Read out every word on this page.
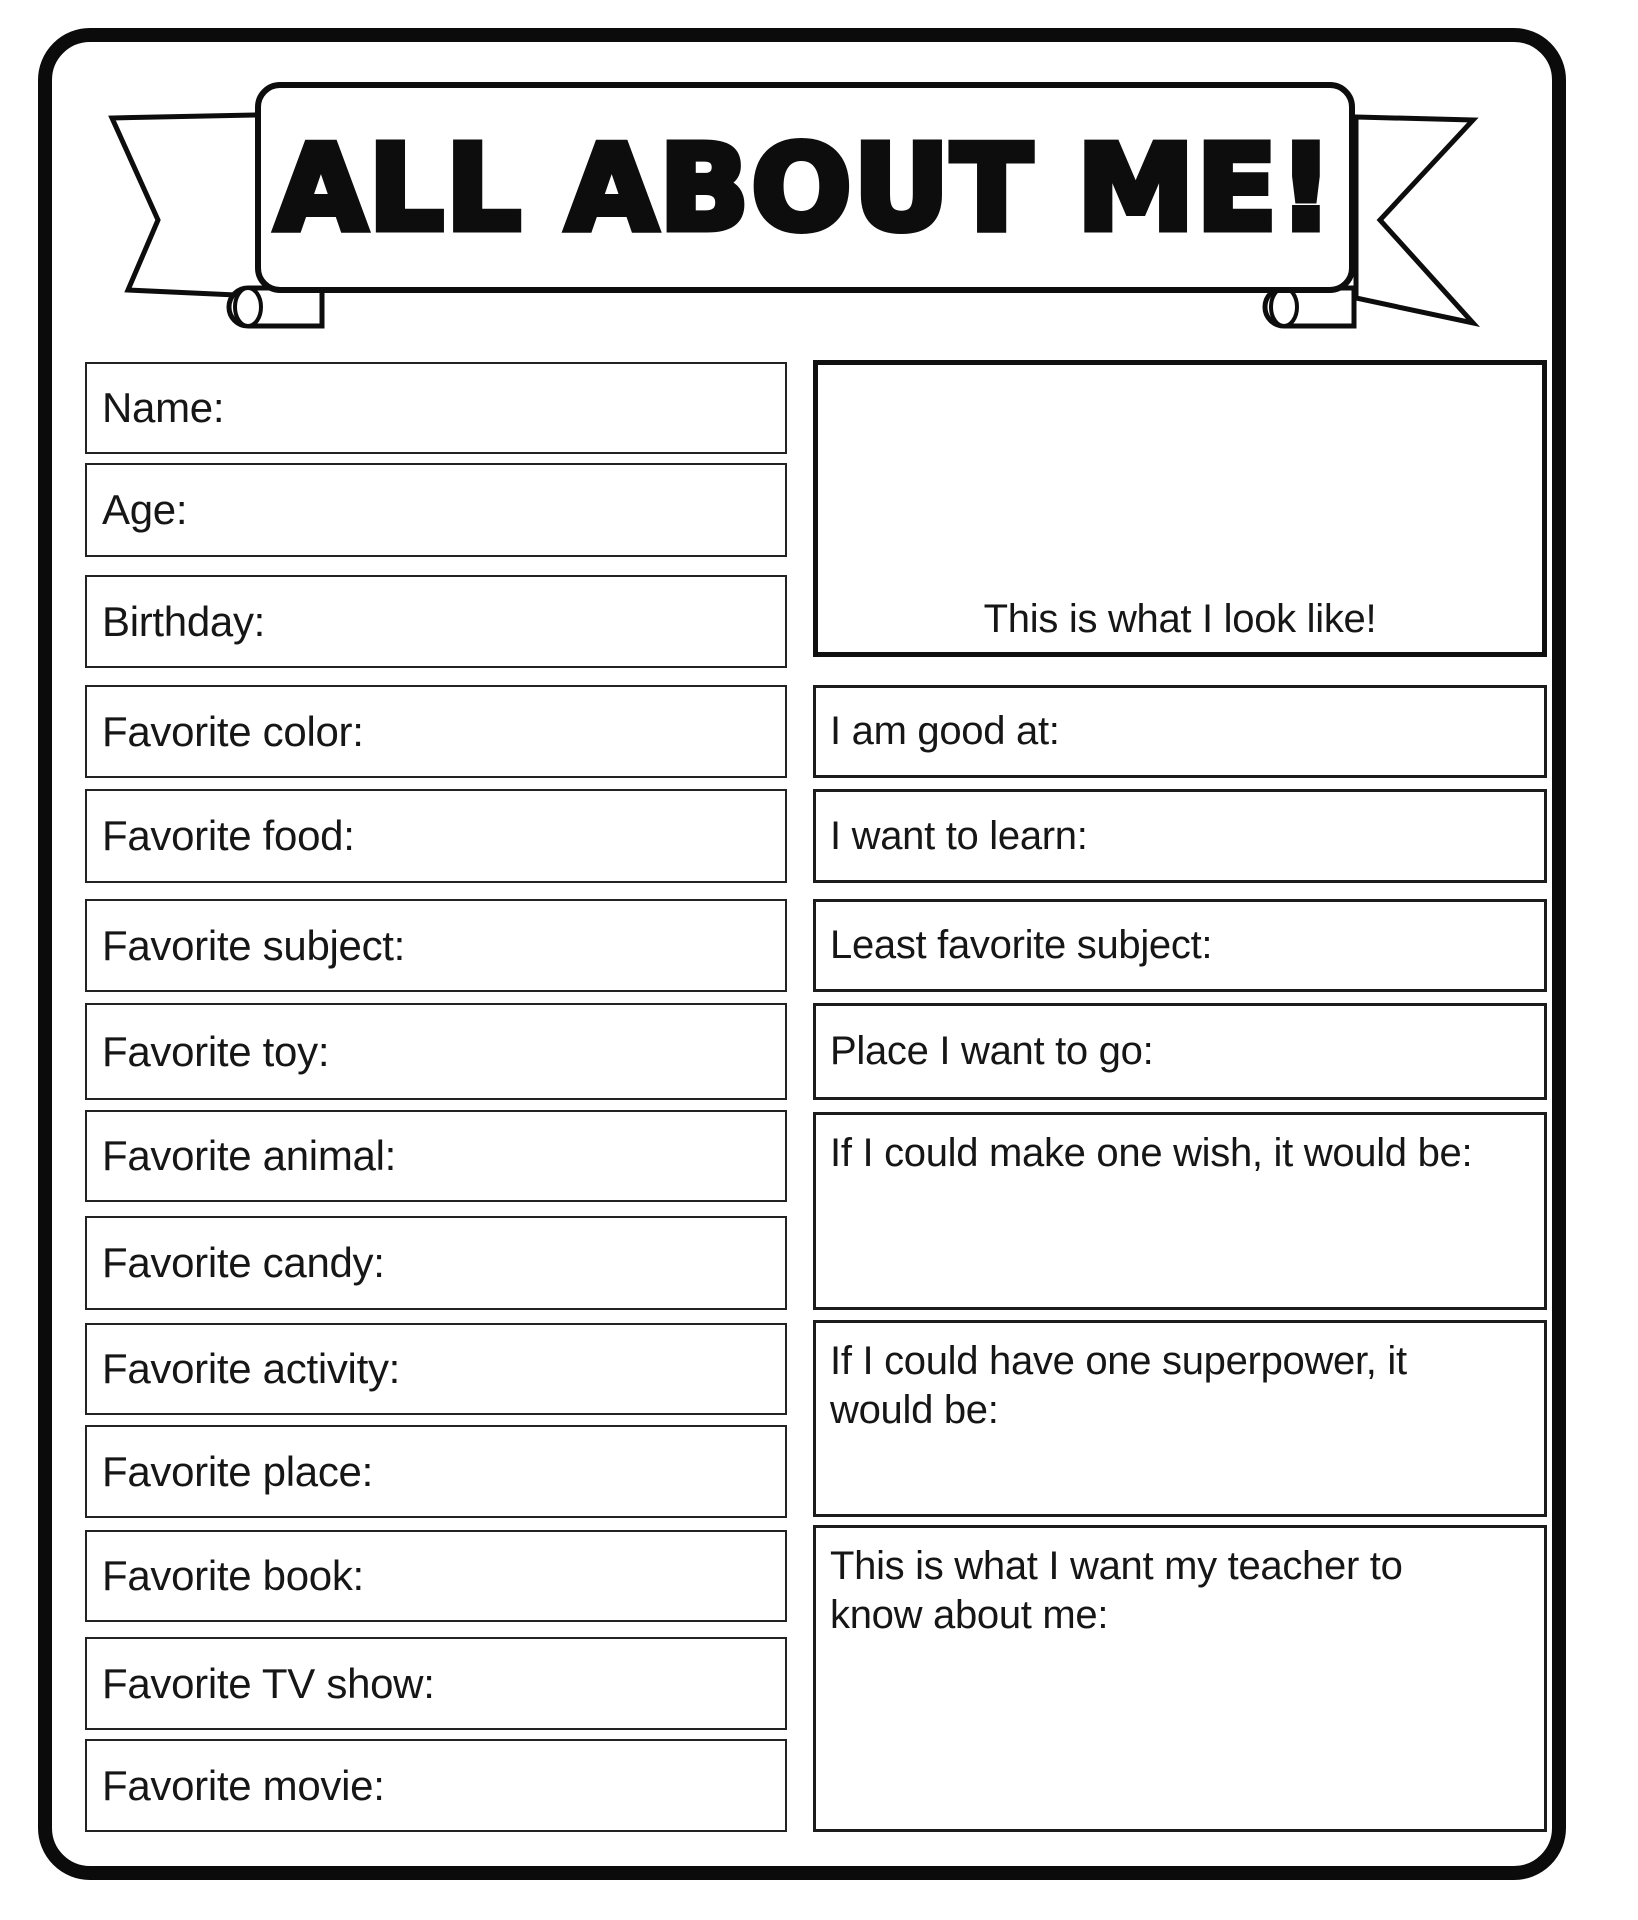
ALL ABOUT ME!
Name:
Age:
Birthday:
Favorite color:
Favorite food:
Favorite subject:
Favorite toy:
Favorite animal:
Favorite candy:
Favorite activity:
Favorite place:
Favorite book:
Favorite TV show:
Favorite movie:
This is what I look like!
I am good at:
I want to learn:
Least favorite subject:
Place I want to go:
If I could make one wish, it would be:
If I could have one superpower, it
would be:
This is what I want my teacher to
know about me:
